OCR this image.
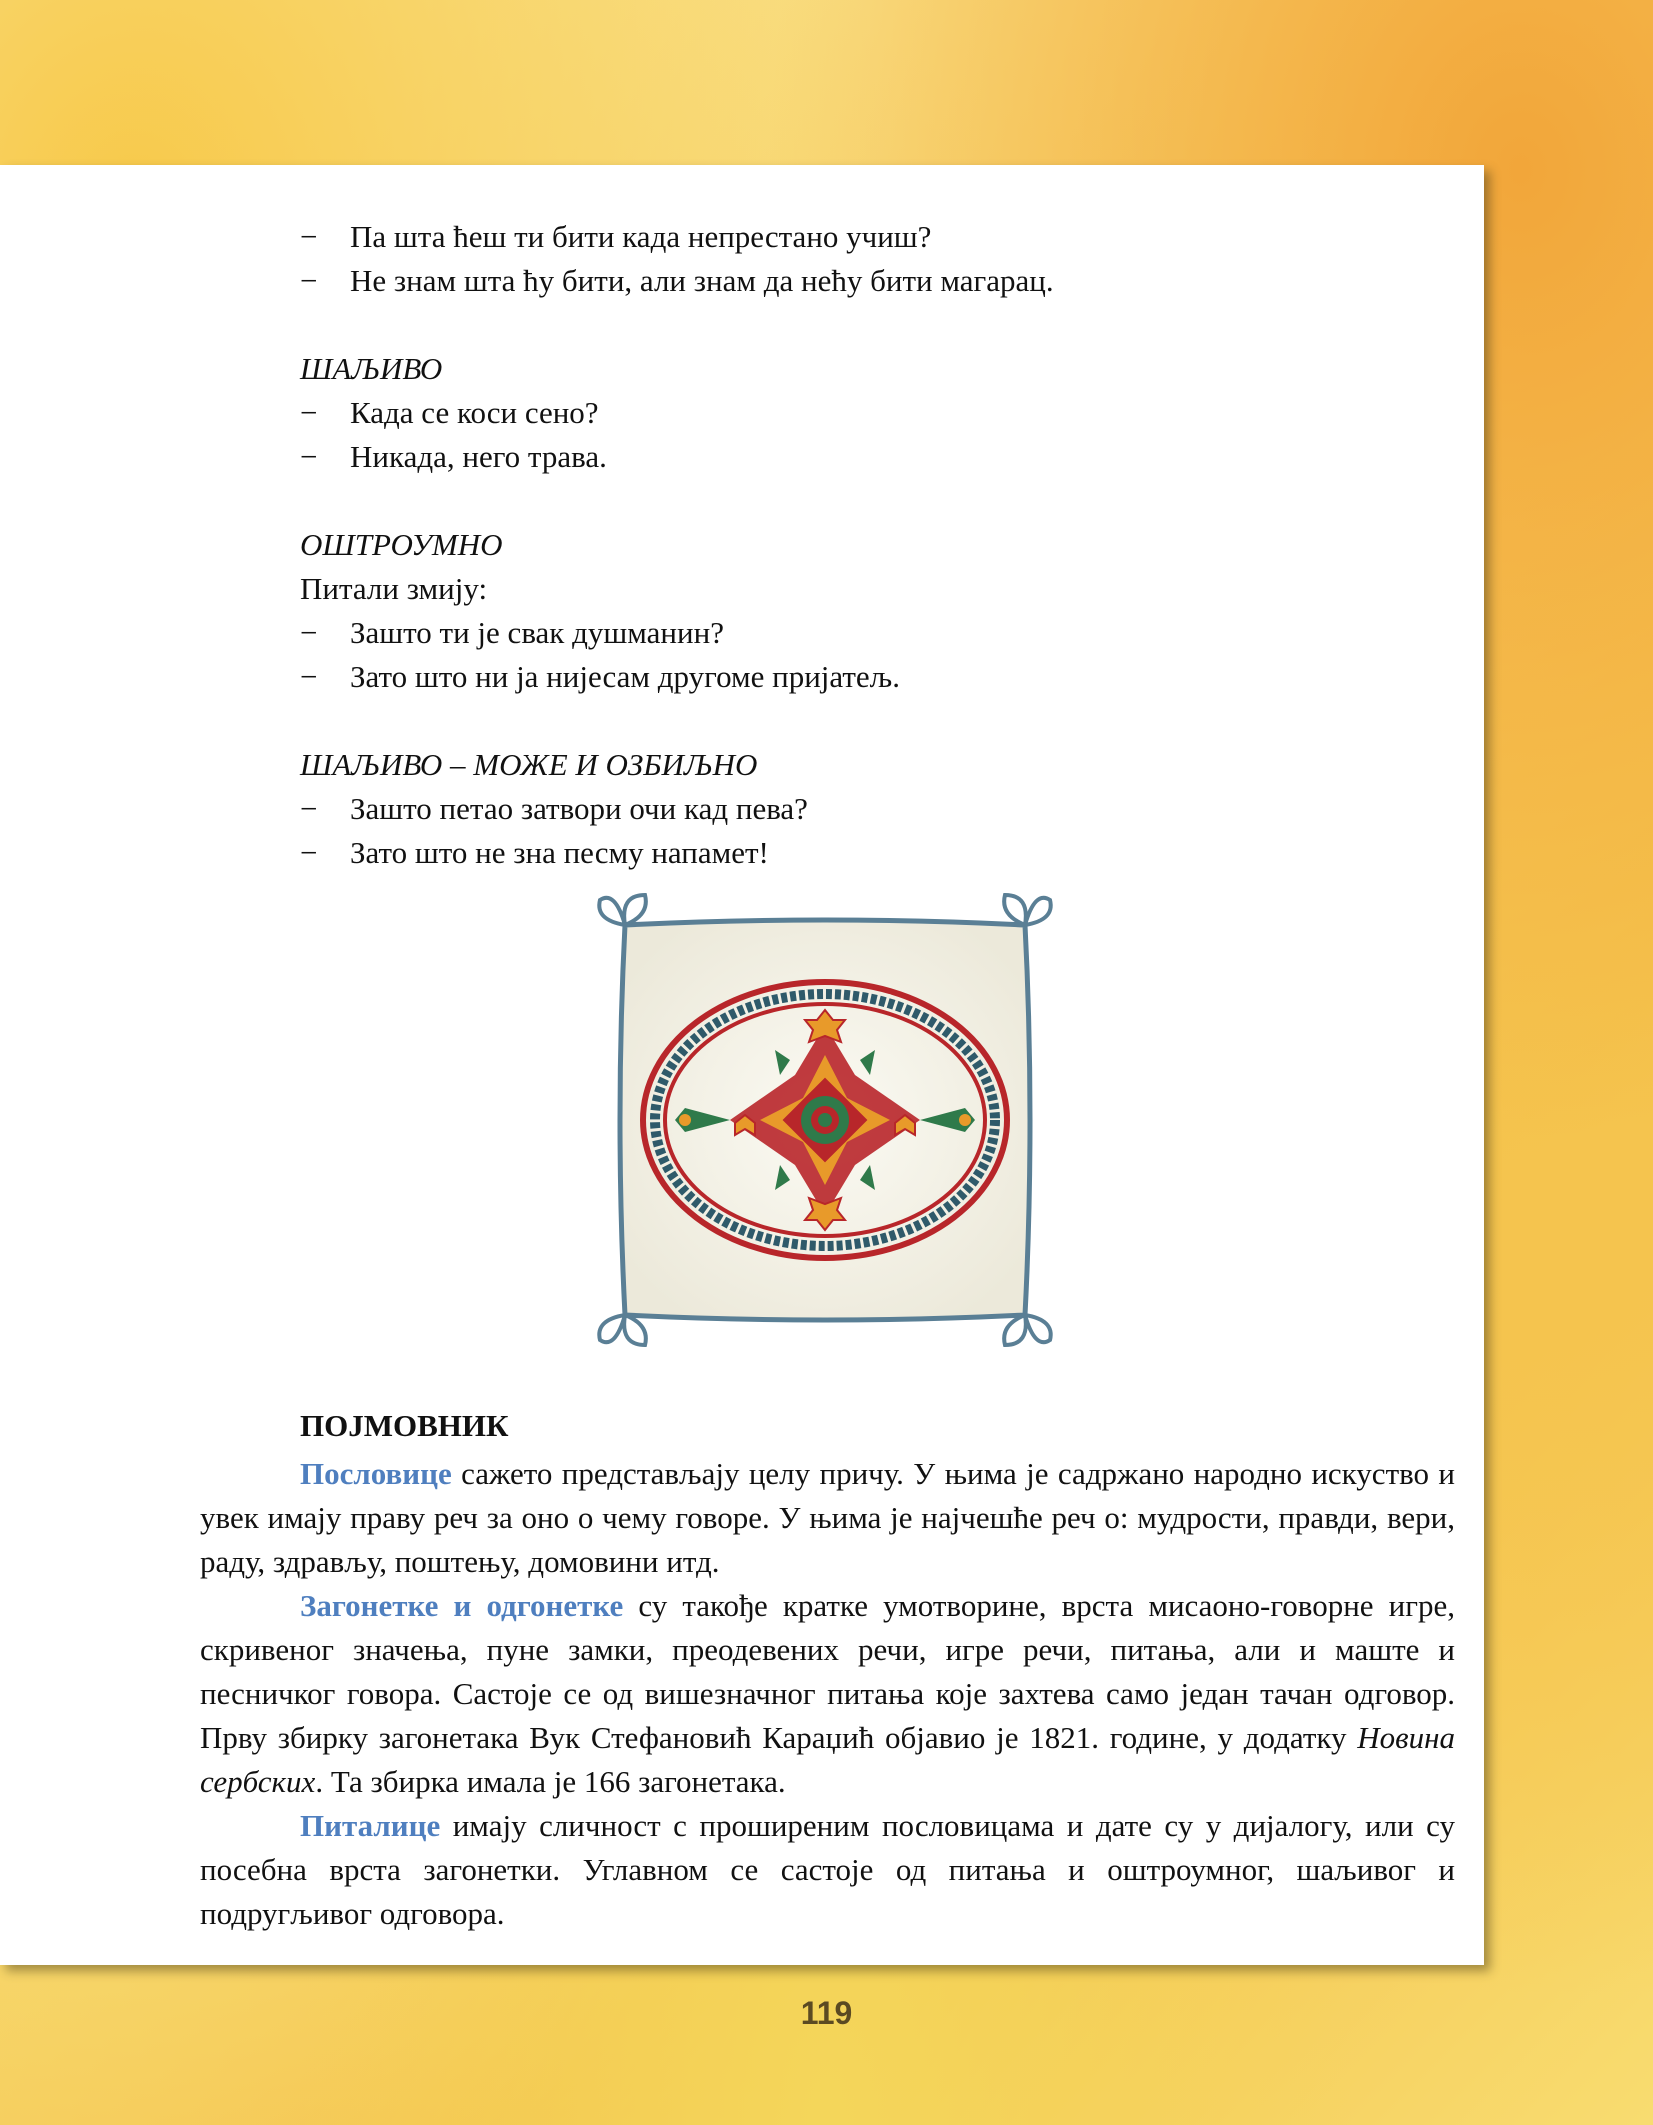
− Па шта ћеш ти бити када непрестано учиш?
− Не знам шта ћу бити, али знам да нећу бити магарац.
ШАЉИВО
− Када се коси сено?
− Никада, него трава.
ОШТРОУМНО
Питали змију:
− Зашто ти је свак душманин?
− Зато што ни ја нијесам другоме пријатељ.
ШАЉИВО – МОЖЕ И ОЗБИЉНО
− Зашто петао затвори очи кад пева?
− Зато што не зна песму напамет!
ПОЈМОВНИК
Пословице сажето представљају целу причу. У њима је садржано народно искуство и увек имају праву реч за оно о чему говоре. У њима је најчешће реч о: мудрости, правди, вери, раду, здрављу, поштењу, домовини итд.
Загонетке и одгонетке су такође кратке умотворине, врста мисаоно-говорне игре, скривеног значења, пуне замки, преодевених речи, игре речи, питања, али и маште и песничког говора. Састоје се од вишезначног питања које захтева само један тачан одговор. Прву збирку загонетака Вук Стефановић Караџић објавио је 1821. године, у додатку Новина сербских. Та збирка имала је 166 загонетака.
Питалице имају сличност с проширеним пословицама и дате су у дијалогу, или су посебна врста загонетки. Углавном се састоје од питања и оштроумног, шаљивог и подругљивог одговора.
119
